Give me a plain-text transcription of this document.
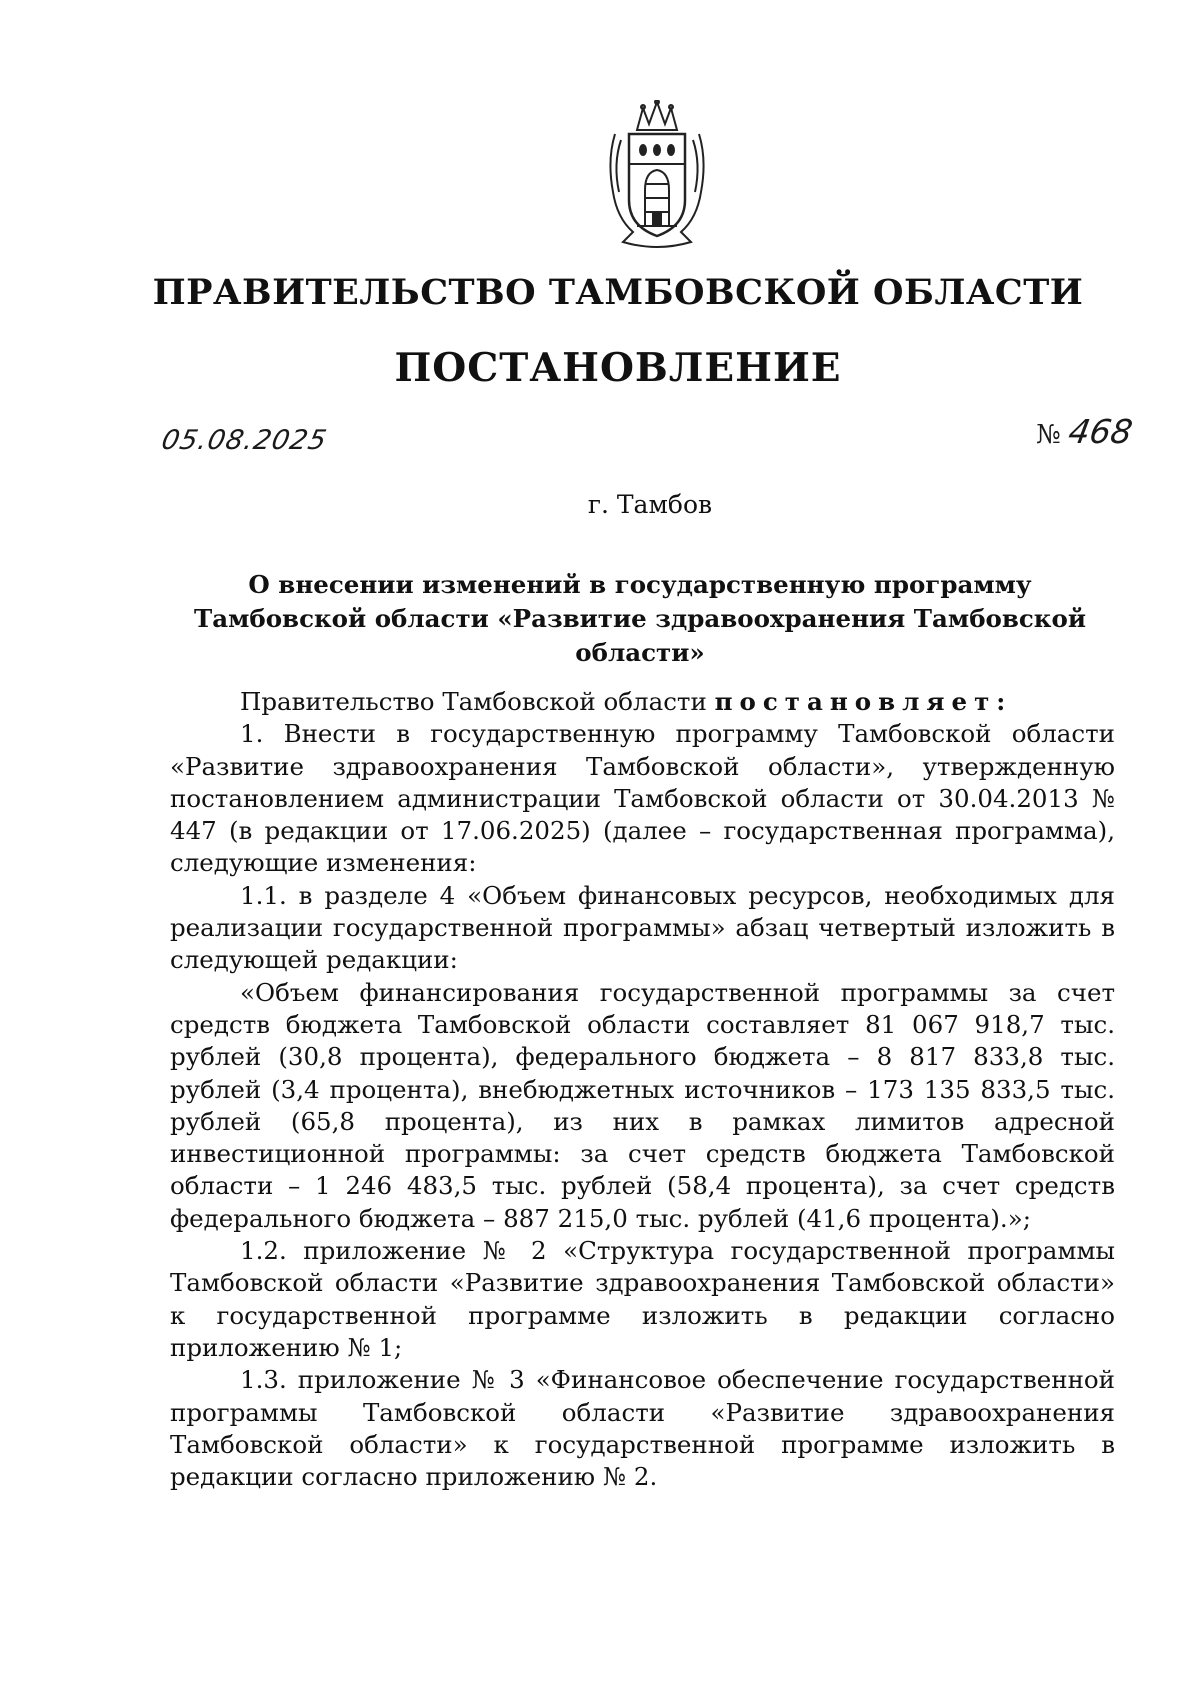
ПРАВИТЕЛЬСТВО ТАМБОВСКОЙ ОБЛАСТИ
ПОСТАНОВЛЕНИЕ
05.08.2025	№ 468
г. Тамбов
О внесении изменений в государственную программу
Тамбовской области «Развитие здравоохранения Тамбовской области»

Правительство Тамбовской области постановляет:

1. Внести в государственную программу Тамбовской области «Развитие здравоохранения Тамбовской области», утвержденную постановлением администрации Тамбовской области от 30.04.2013 № 447 (в редакции от 17.06.2025) (далее – государственная программа), следующие изменения:

1.1. в разделе 4 «Объем финансовых ресурсов, необходимых для реализации государственной программы» абзац четвертый изложить в следующей редакции:

«Объем финансирования государственной программы за счет средств бюджета Тамбовской области составляет 81 067 918,7 тыс. рублей (30,8 процента), федерального бюджета – 8 817 833,8 тыс. рублей (3,4 процента), внебюджетных источников – 173 135 833,5 тыс. рублей (65,8 процента), из них в рамках лимитов адресной инвестиционной программы: за счет средств бюджета Тамбовской области – 1 246 483,5 тыс. рублей (58,4 процента), за счет средств федерального бюджета – 887 215,0 тыс. рублей (41,6 процента).»;

1.2. приложение № 2 «Структура государственной программы Тамбовской области «Развитие здравоохранения Тамбовской области» к государственной программе изложить в редакции согласно приложению № 1;

1.3. приложение № 3 «Финансовое обеспечение государственной программы Тамбовской области «Развитие здравоохранения Тамбовской области» к государственной программе изложить в редакции согласно приложению № 2.
